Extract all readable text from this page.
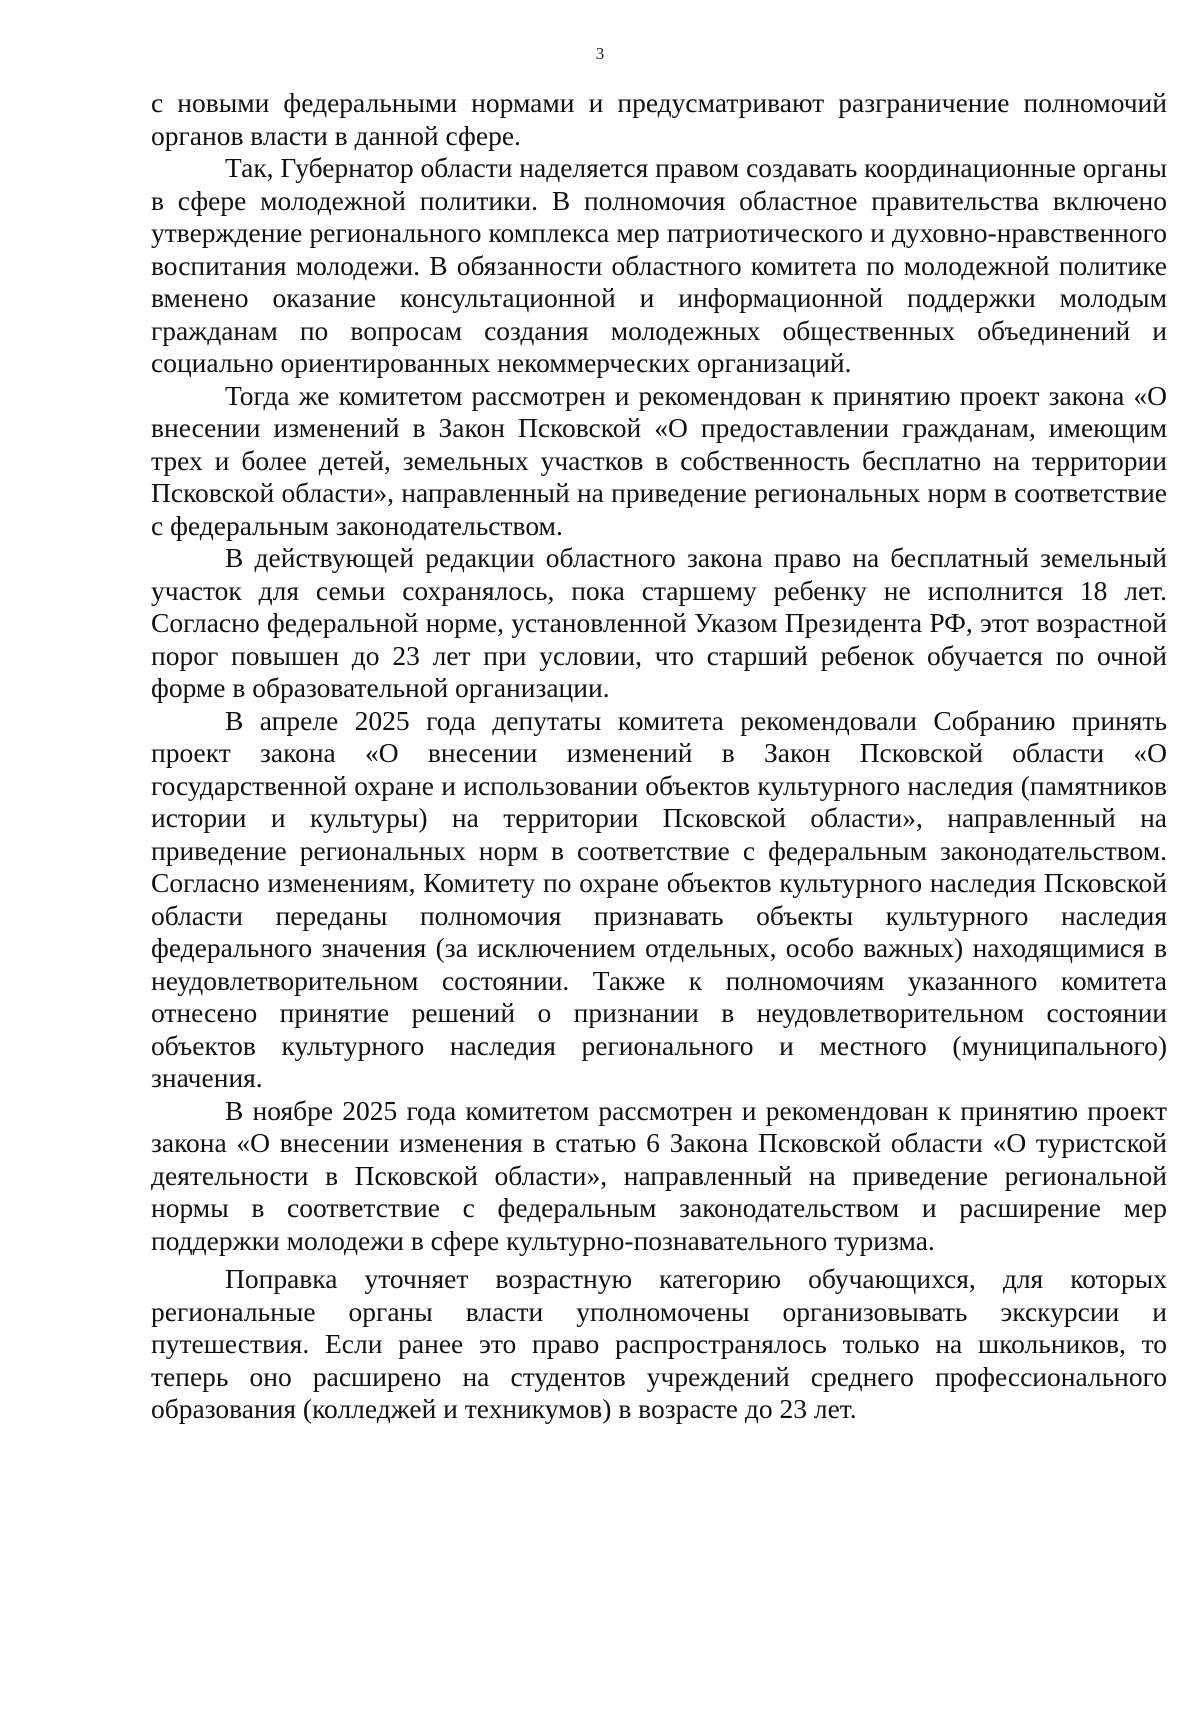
3

с новыми федеральными нормами и предусматривают разграничение полномочий органов власти в данной сфере.

Так, Губернатор области наделяется правом создавать координационные органы в сфере молодежной политики. В полномочия областное правительства включено утверждение регионального комплекса мер патриотического и духовно-нравственного воспитания молодежи. В обязанности областного комитета по молодежной политике вменено оказание консультационной и информационной поддержки молодым гражданам по вопросам создания молодежных общественных объединений и социально ориентированных некоммерческих организаций.

Тогда же комитетом рассмотрен и рекомендован к принятию проект закона «О внесении изменений в Закон Псковской «О предоставлении гражданам, имеющим трех и более детей, земельных участков в собственность бесплатно на территории Псковской области», направленный на приведение региональных норм в соответствие с федеральным законодательством.

В действующей редакции областного закона право на бесплатный земельный участок для семьи сохранялось, пока старшему ребенку не исполнится 18 лет. Согласно федеральной норме, установленной Указом Президента РФ, этот возрастной порог повышен до 23 лет при условии, что старший ребенок обучается по очной форме в образовательной организации.

В апреле 2025 года депутаты комитета рекомендовали Собранию принять проект закона «О внесении изменений в Закон Псковской области «О государственной охране и использовании объектов культурного наследия (памятников истории и культуры) на территории Псковской области», направленный на приведение региональных норм в соответствие с федеральным законодательством. Согласно изменениям, Комитету по охране объектов культурного наследия Псковской области переданы полномочия признавать объекты культурного наследия федерального значения (за исключением отдельных, особо важных) находящимися в неудовлетворительном состоянии. Также к полномочиям указанного комитета отнесено принятие решений о признании в неудовлетворительном состоянии объектов культурного наследия регионального и местного (муниципального) значения.

В ноябре 2025 года комитетом рассмотрен и рекомендован к принятию проект закона «О внесении изменения в статью 6 Закона Псковской области «О туристской деятельности в Псковской области», направленный на приведение региональной нормы в соответствие с федеральным законодательством и расширение мер поддержки молодежи в сфере культурно-познавательного туризма.

Поправка уточняет возрастную категорию обучающихся, для которых региональные органы власти уполномочены организовывать экскурсии и путешествия. Если ранее это право распространялось только на школьников, то теперь оно расширено на студентов учреждений среднего профессионального образования (колледжей и техникумов) в возрасте до 23 лет.
